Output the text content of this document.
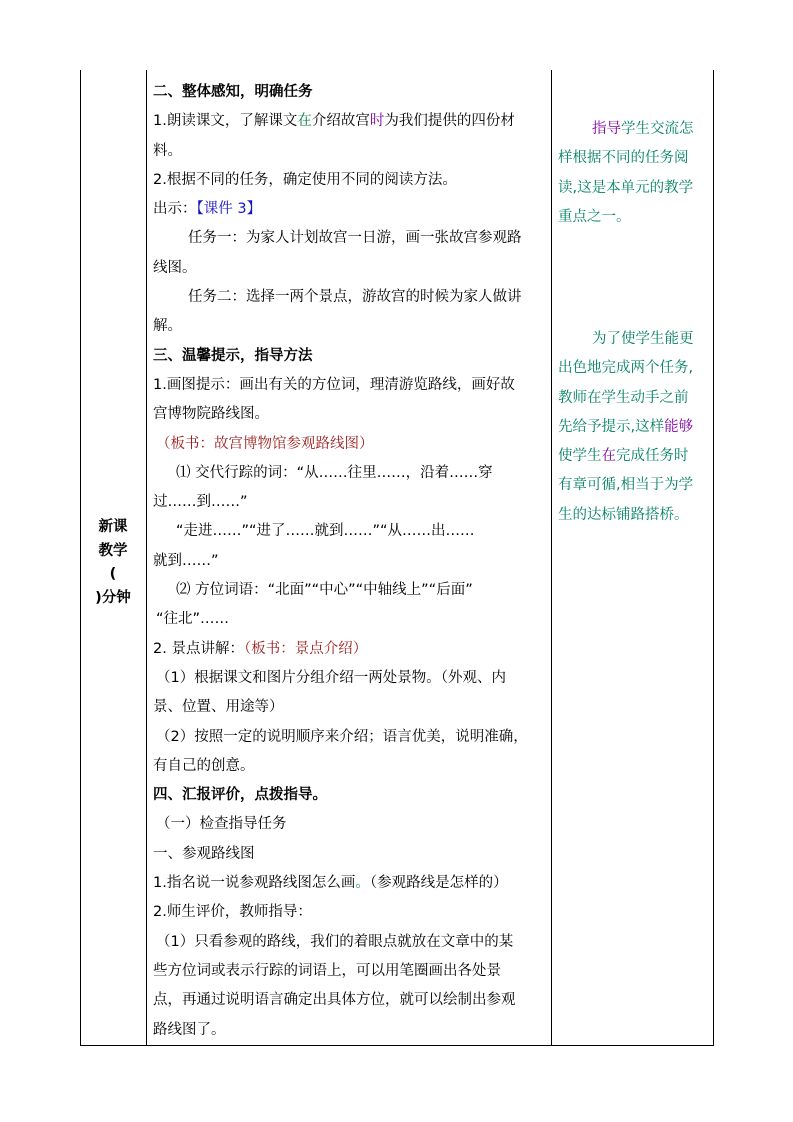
新课
教学
(
)分钟
二、整体感知，明确任务
1.朗读课文，了解课文在介绍故宫时为我们提供的四份材
料。
2.根据不同的任务，确定使用不同的阅读方法。
出示：【课件 3】
任务一：为家人计划故宫一日游，画一张故宫参观路
线图。
任务二：选择一两个景点，游故宫的时候为家人做讲
解。
三、温馨提示，指导方法
1.画图提示：画出有关的方位词，理清游览路线，画好故
宫博物院路线图。
（板书：故宫博物馆参观路线图）
⑴ 交代行踪的词：“从……往里……，沿着……穿
过……到……”
“走进……”“进了……就到……”“从……出……
就到……”
⑵ 方位词语：“北面”“中心”“中轴线上”“后面”
“往北”……
2. 景点讲解：（板书：景点介绍）
（1）根据课文和图片分组介绍一两处景物。（外观、内
景、位置、用途等）
（2）按照一定的说明顺序来介绍；语言优美，说明准确，
有自己的创意。
四、汇报评价，点拨指导。
（一）检查指导任务
一、参观路线图
1.指名说一说参观路线图怎么画。（参观路线是怎样的）
2.师生评价，教师指导：
（1）只看参观的路线，我们的着眼点就放在文章中的某
些方位词或表示行踪的词语上，可以用笔圈画出各处景
点，再通过说明语言确定出具体方位，就可以绘制出参观
路线图了。
指导学生交流怎
样根据不同的任务阅
读,这是本单元的教学
重点之一。
为了使学生能更
出色地完成两个任务,
教师在学生动手之前
先给予提示,这样能够
使学生在完成任务时
有章可循,相当于为学
生的达标铺路搭桥。
